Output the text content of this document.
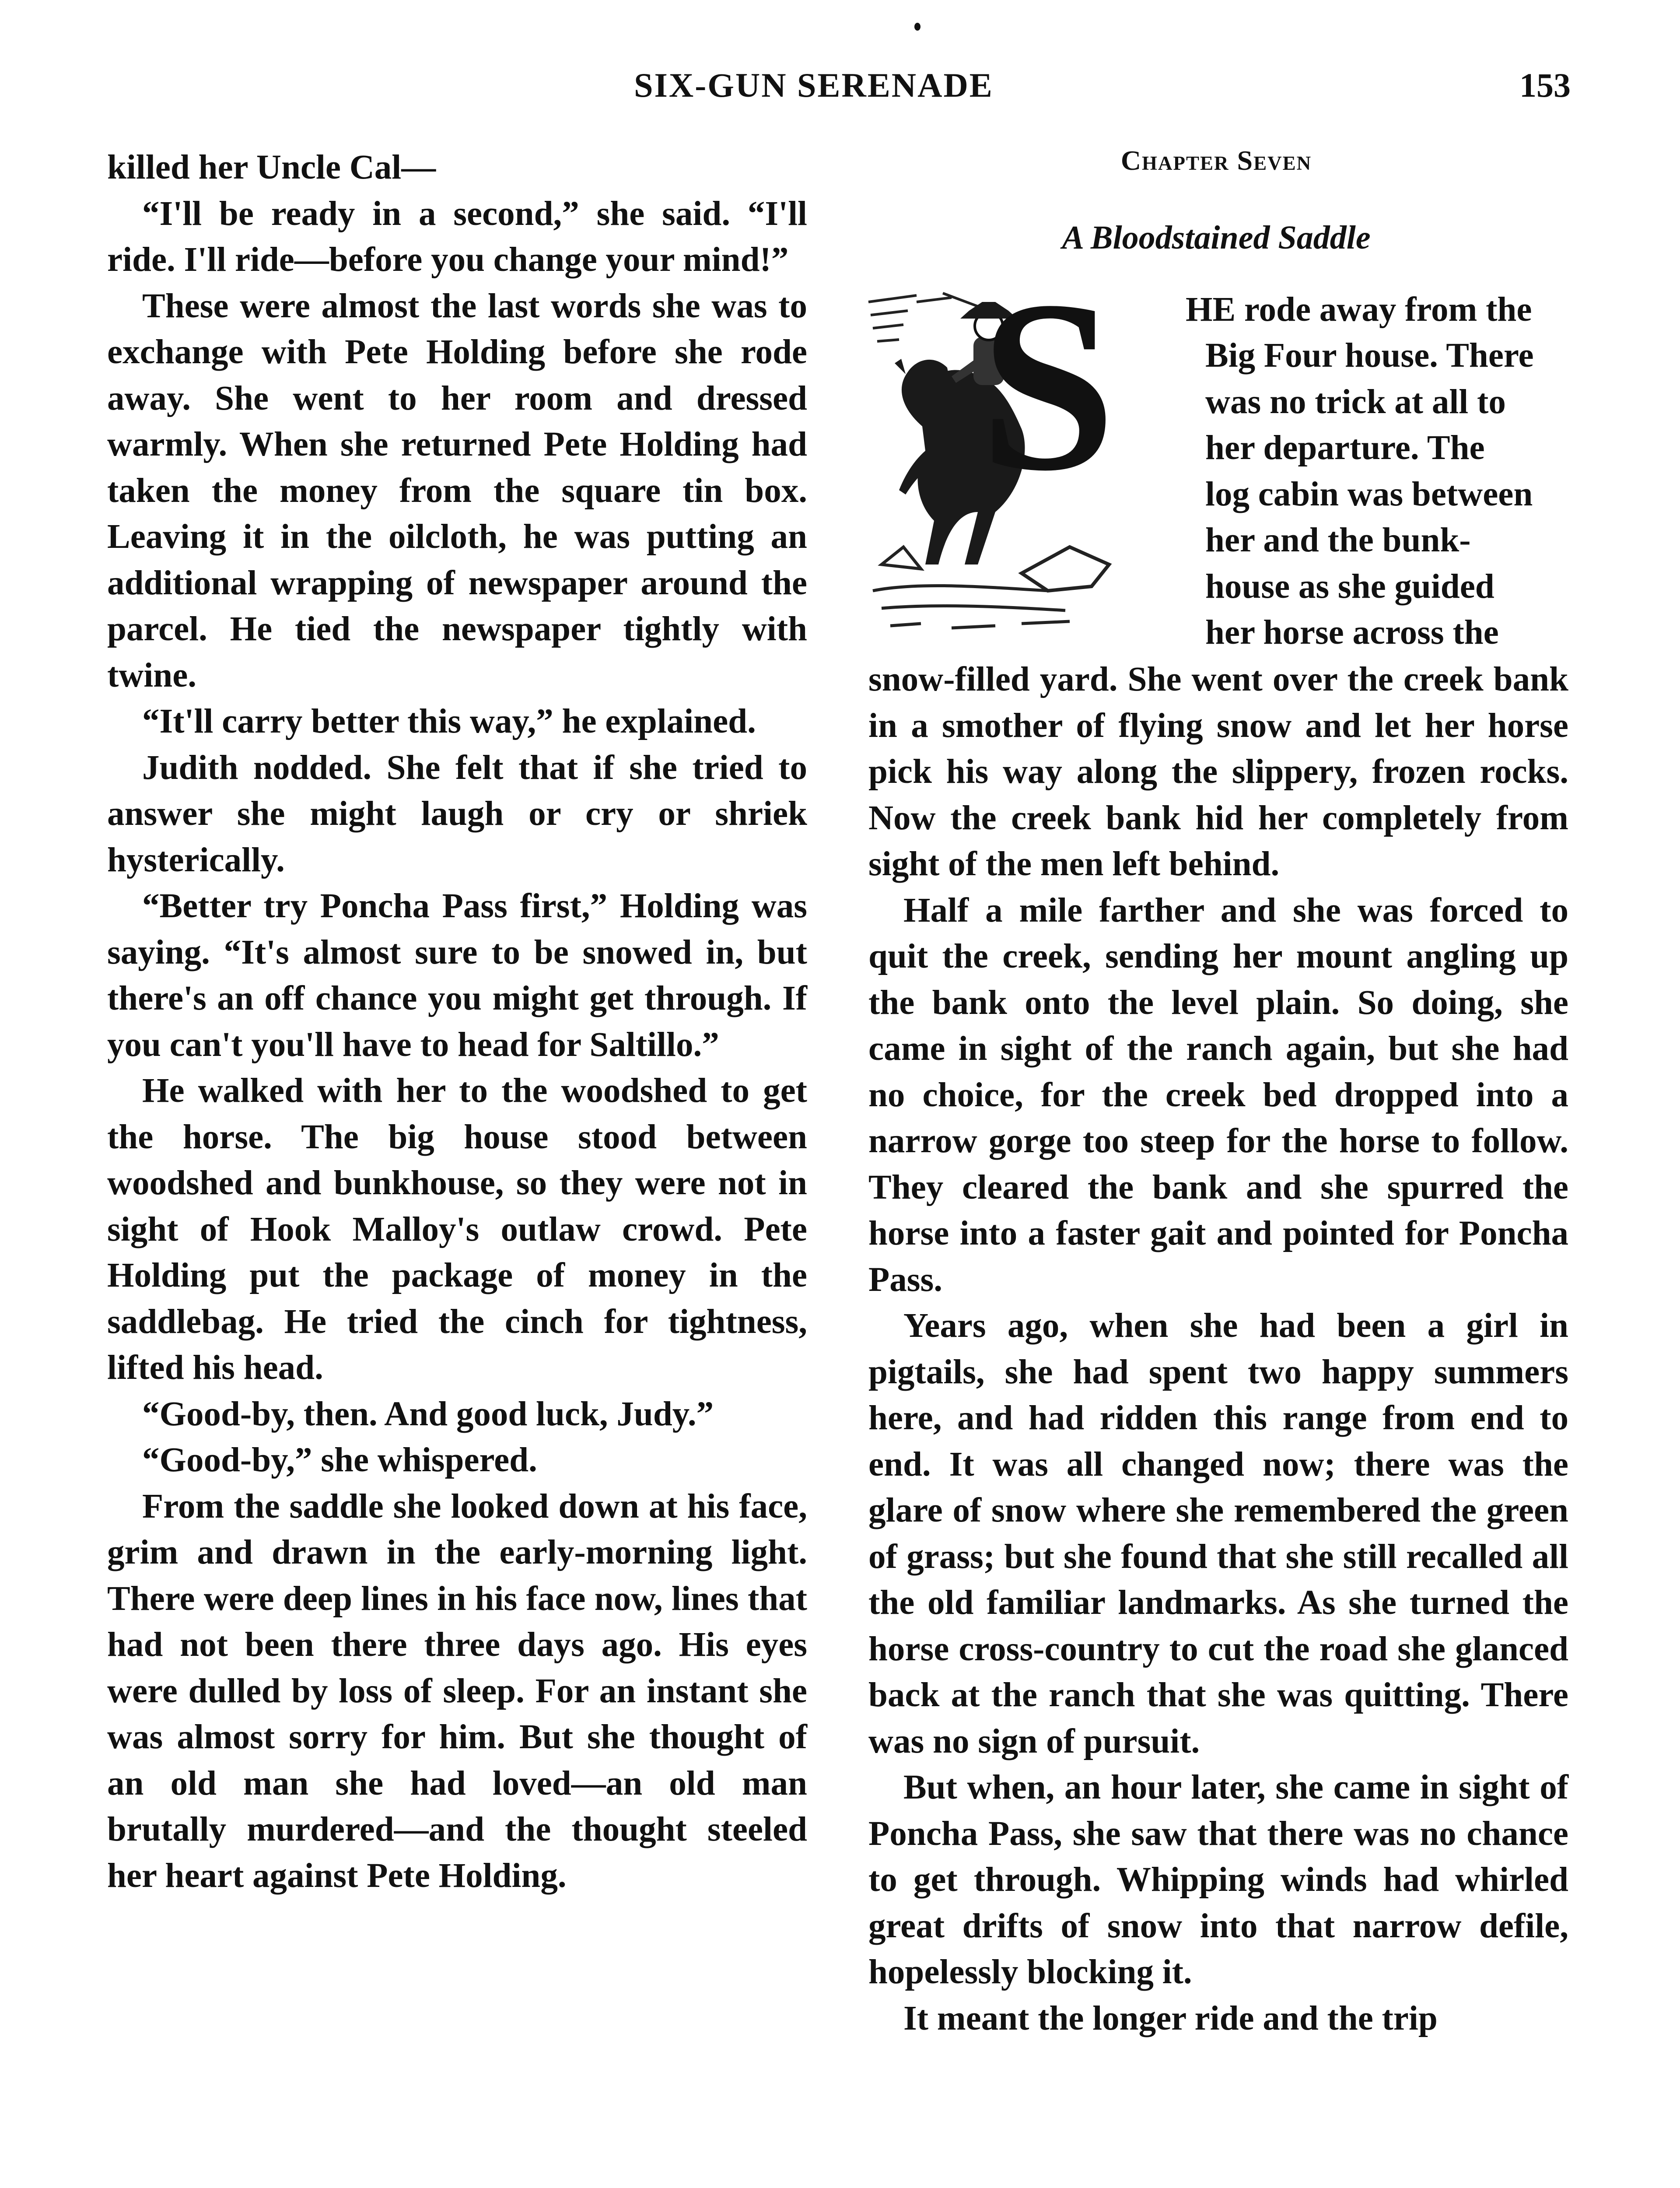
SIX-GUN SERENADE	153

killed her Uncle Cal—

“I'll be ready in a second,” she said. “I'll ride. I'll ride—before you change your mind!”

These were almost the last words she was to exchange with Pete Holding before she rode away. She went to her room and dressed warmly. When she returned Pete Holding had taken the money from the square tin box. Leaving it in the oilcloth, he was putting an additional wrapping of newspaper around the parcel. He tied the newspaper tightly with twine.

“It'll carry better this way,” he explained.

Judith nodded. She felt that if she tried to answer she might laugh or cry or shriek hysterically.

“Better try Poncha Pass first,” Holding was saying. “It's almost sure to be snowed in, but there's an off chance you might get through. If you can't you'll have to head for Saltillo.”

He walked with her to the woodshed to get the horse. The big house stood between woodshed and bunkhouse, so they were not in sight of Hook Malloy's outlaw crowd. Pete Holding put the package of money in the saddlebag. He tried the cinch for tightness, lifted his head.

“Good-by, then. And good luck, Judy.”

“Good-by,” she whispered.

From the saddle she looked down at his face, grim and drawn in the early-morning light. There were deep lines in his face now, lines that had not been there three days ago. His eyes were dulled by loss of sleep. For an instant she was almost sorry for him. But she thought of an old man she had loved—an old man brutally murdered—and the thought steeled her heart against Pete Holding.

Chapter Seven
A Bloodstained Saddle
S HE rode away from the
Big Four house. There
was no trick at all to
her departure. The
log cabin was between
her and the bunk-
house as she guided
her horse across the

snow-filled yard. She went over the creek bank in a smother of flying snow and let her horse pick his way along the slippery, frozen rocks. Now the creek bank hid her completely from sight of the men left behind.

Half a mile farther and she was forced to quit the creek, sending her mount angling up the bank onto the level plain. So doing, she came in sight of the ranch again, but she had no choice, for the creek bed dropped into a narrow gorge too steep for the horse to follow. They cleared the bank and she spurred the horse into a faster gait and pointed for Poncha Pass.

Years ago, when she had been a girl in pigtails, she had spent two happy summers here, and had ridden this range from end to end. It was all changed now; there was the glare of snow where she remembered the green of grass; but she found that she still recalled all the old familiar landmarks. As she turned the horse cross-country to cut the road she glanced back at the ranch that she was quitting. There was no sign of pursuit.

But when, an hour later, she came in sight of Poncha Pass, she saw that there was no chance to get through. Whipping winds had whirled great drifts of snow into that narrow defile, hopelessly blocking it.

It meant the longer ride and the trip
